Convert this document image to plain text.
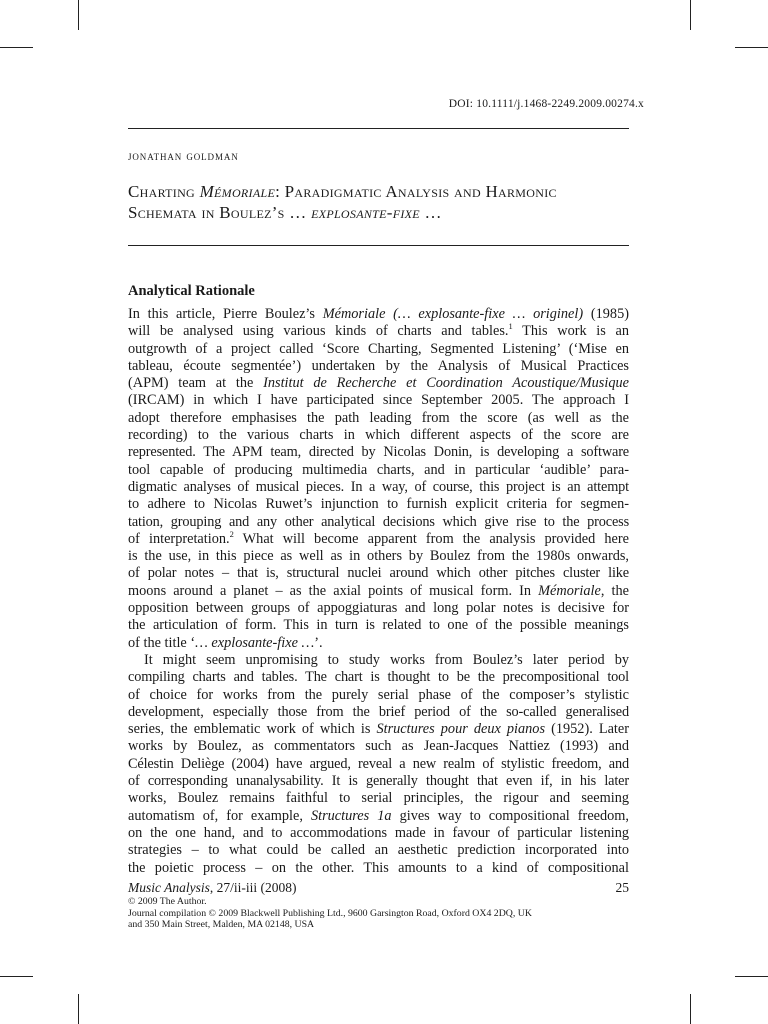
DOI: 10.1111/j.1468-2249.2009.00274.x
jonathan goldman
Charting Mémoriale: Paradigmatic Analysis and Harmonic
Schemata in Boulez’s … explosante-fixe …
Analytical Rationale
In this article, Pierre Boulez’s Mémoriale (… explosante-fixe … originel) (1985)
will be analysed using various kinds of charts and tables.$^1$ This work is an
outgrowth of a project called ‘Score Charting, Segmented Listening’ (‘Mise en
tableau, écoute segmentée’) undertaken by the Analysis of Musical Practices
(APM) team at the Institut de Recherche et Coordination Acoustique/Musique
(IRCAM) in which I have participated since September 2005. The approach I
adopt therefore emphasises the path leading from the score (as well as the
recording) to the various charts in which different aspects of the score are
represented. The APM team, directed by Nicolas Donin, is developing a software
tool capable of producing multimedia charts, and in particular ‘audible’ para-
digmatic analyses of musical pieces. In a way, of course, this project is an attempt
to adhere to Nicolas Ruwet’s injunction to furnish explicit criteria for segmen-
tation, grouping and any other analytical decisions which give rise to the process
of interpretation.$^2$ What will become apparent from the analysis provided here
is the use, in this piece as well as in others by Boulez from the 1980s onwards,
of polar notes – that is, structural nuclei around which other pitches cluster like
moons around a planet – as the axial points of musical form. In Mémoriale, the
opposition between groups of appoggiaturas and long polar notes is decisive for
the articulation of form. This in turn is related to one of the possible meanings
of the title ‘… explosante-fixe …’.
It might seem unpromising to study works from Boulez’s later period by
compiling charts and tables. The chart is thought to be the precompositional tool
of choice for works from the purely serial phase of the composer’s stylistic
development, especially those from the brief period of the so-called generalised
series, the emblematic work of which is Structures pour deux pianos (1952). Later
works by Boulez, as commentators such as Jean-Jacques Nattiez (1993) and
Célestin Deliège (2004) have argued, reveal a new realm of stylistic freedom, and
of corresponding unanalysability. It is generally thought that even if, in his later
works, Boulez remains faithful to serial principles, the rigour and seeming
automatism of, for example, Structures 1a gives way to compositional freedom,
on the one hand, and to accommodations made in favour of particular listening
strategies – to what could be called an aesthetic prediction incorporated into
the poietic process – on the other. This amounts to a kind of compositional
Music Analysis, 27/ii-iii (2008)	25
© 2009 The Author.
Journal compilation © 2009 Blackwell Publishing Ltd., 9600 Garsington Road, Oxford OX4 2DQ, UK
and 350 Main Street, Malden, MA 02148, USA
